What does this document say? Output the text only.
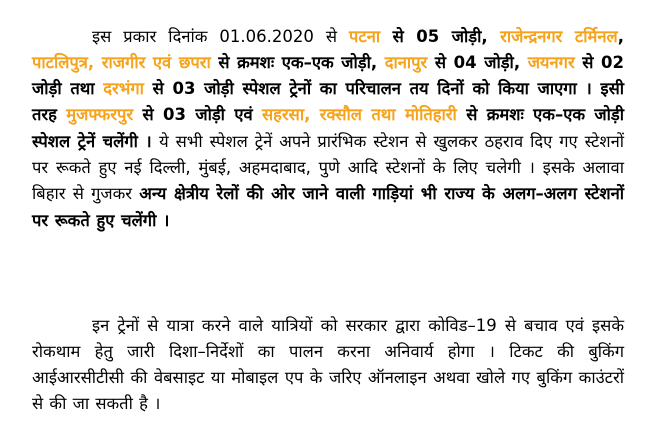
इस प्रकार दिनांक 01.06.2020 से पटना से 05 जोड़ी, राजेन्द्रनगर टर्मिनल, पाटलिपुत्र, राजगीर एवं छपरा से क्रमशः एक–एक जोड़ी, दानापुर से 04 जोड़ी, जयनगर से 02 जोड़ी तथा दरभंगा से 03 जोड़ी स्पेशल ट्रेनों का परिचालन तय दिनों को किया जाएगा । इसी तरह मुजफ्फरपुर से 03 जोड़ी एवं सहरसा, रक्सौल तथा मोतिहारी से क्रमशः एक–एक जोड़ी स्पेशल ट्रेनें चलेंगी । ये सभी स्पेशल ट्रेनें अपने प्रारंभिक स्टेशन से खुलकर ठहराव दिए गए स्टेशनों पर रूकते हुए नई दिल्ली, मुंबई, अहमदाबाद, पुणे आदि स्टेशनों के लिए चलेगी । इसके अलावा बिहार से गुजकर अन्य क्षेत्रीय रेलों की ओर जाने वाली गाड़ियां भी राज्य के अलग–अलग स्टेशनों पर रूकते हुए चलेंगी ।

इन ट्रेनों से यात्रा करने वाले यात्रियों को सरकार द्वारा कोविड–19 से बचाव एवं इसके रोकथाम हेतु जारी दिशा–निर्देशों का पालन करना अनिवार्य होगा । टिकट की बुकिंग आईआरसीटीसी की वेबसाइट या मोबाइल एप के जरिए ऑनलाइन अथवा खोले गए बुकिंग काउंटरों से की जा सकती है ।
